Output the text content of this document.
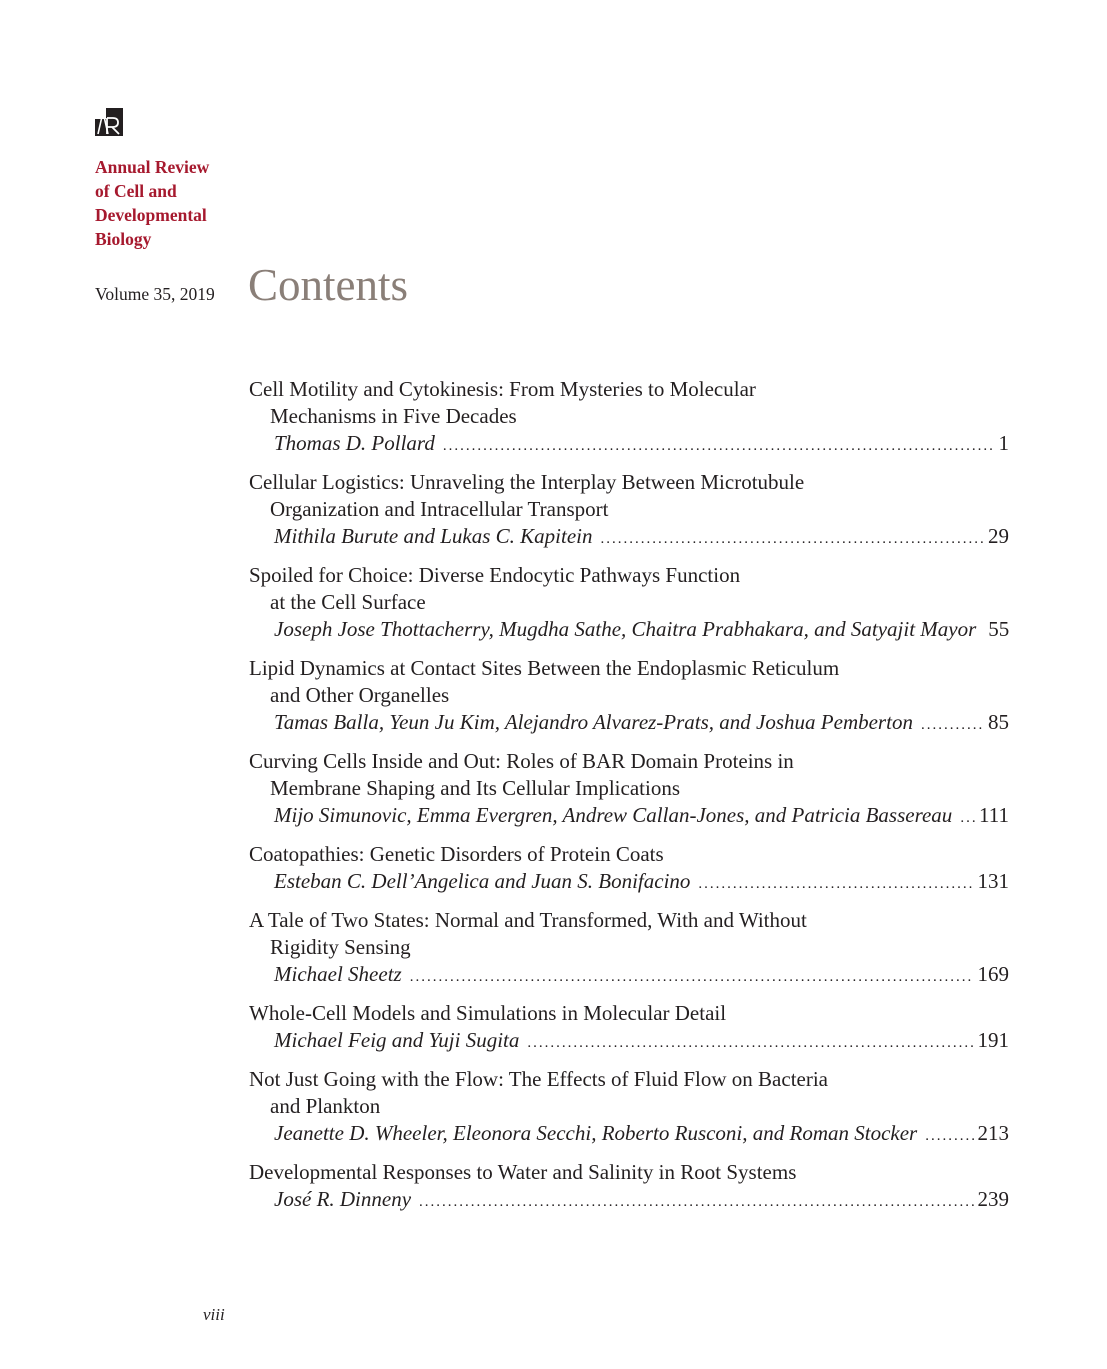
Annual Review
of Cell and
Developmental
Biology
Volume 35, 2019 Contents
Cell Motility and Cytokinesis: From Mysteries to Molecular
Mechanisms in Five Decades
Thomas D. Pollard .....	1
Cellular Logistics: Unraveling the Interplay Between Microtubule
Organization and Intracellular Transport
Mithila Burute and Lukas C. Kapitein .....	29
Spoiled for Choice: Diverse Endocytic Pathways Function
at the Cell Surface
Joseph Jose Thottacherry, Mugdha Sathe, Chaitra Prabhakara, and Satyajit Mayor 55
Lipid Dynamics at Contact Sites Between the Endoplasmic Reticulum
and Other Organelles
Tamas Balla, Yeun Ju Kim, Alejandro Alvarez-Prats, and Joshua Pemberton .....	85
Curving Cells Inside and Out: Roles of BAR Domain Proteins in
Membrane Shaping and Its Cellular Implications
Mijo Simunovic, Emma Evergren, Andrew Callan-Jones, and Patricia Bassereau ..... 111
Coatopathies: Genetic Disorders of Protein Coats
Esteban C. Dell’Angelica and Juan S. Bonifacino .....	131
A Tale of Two States: Normal and Transformed, With and Without
Rigidity Sensing
Michael Sheetz .....	169
Whole-Cell Models and Simulations in Molecular Detail
Michael Feig and Yuji Sugita .....	191
Not Just Going with the Flow: The Effects of Fluid Flow on Bacteria
and Plankton
Jeanette D. Wheeler, Eleonora Secchi, Roberto Rusconi, and Roman Stocker .....	213
Developmental Responses to Water and Salinity in Root Systems
José R. Dinneny .....	239
viii
